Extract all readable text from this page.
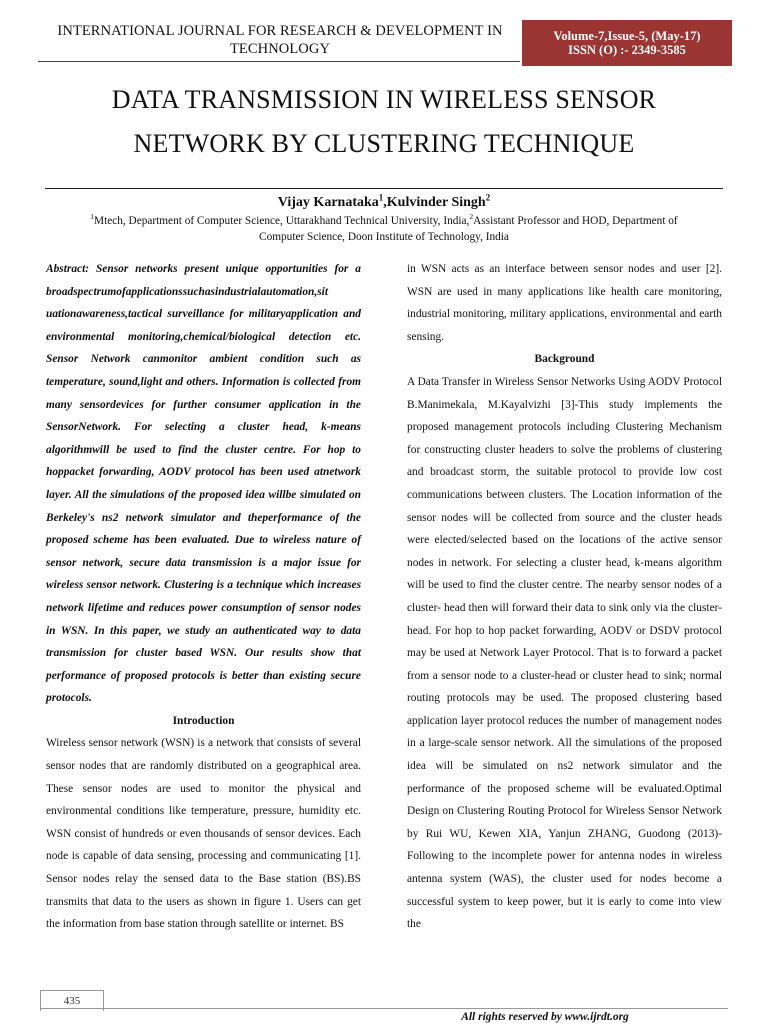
INTERNATIONAL JOURNAL FOR RESEARCH & DEVELOPMENT IN
TECHNOLOGY
Volume-7,Issue-5, (May-17)
ISSN (O) :- 2349-3585
DATA TRANSMISSION IN WIRELESS SENSOR
NETWORK BY CLUSTERING TECHNIQUE
Vijay Karnataka$^1$,Kulvinder Singh$^2$
$^1$Mtech, Department of Computer Science, Uttarakhand Technical University, India,$^2$Assistant Professor and HOD, Department of
Computer Science, Doon Institute of Technology, India

Abstract: Sensor networks present unique opportunities for a broadspectrumofapplicationssuchasindustrialautomation,sit uationawareness,tactical surveillance for militaryapplication and environmental monitoring,chemical/biological detection etc. Sensor Network canmonitor ambient condition such as temperature, sound,light and others. Information is collected from many sensordevices for further consumer application in the SensorNetwork. For selecting a cluster head, k-means algorithmwill be used to find the cluster centre. For hop to hoppacket forwarding, AODV protocol has been used atnetwork layer. All the simulations of the proposed idea willbe simulated on Berkeley's ns2 network simulator and theperformance of the proposed scheme has been evaluated. Due to wireless nature of sensor network, secure data transmission is a major issue for wireless sensor network. Clustering is a technique which increases network lifetime and reduces power consumption of sensor nodes in WSN. In this paper, we study an authenticated way to data transmission for cluster based WSN. Our results show that performance of proposed protocols is better than existing secure protocols.

Introduction

Wireless sensor network (WSN) is a network that consists of several sensor nodes that are randomly distributed on a geographical area. These sensor nodes are used to monitor the physical and environmental conditions like temperature, pressure, humidity etc. WSN consist of hundreds or even thousands of sensor devices. Each node is capable of data sensing, processing and communicating [1]. Sensor nodes relay the sensed data to the Base station (BS).BS transmits that data to the users as shown in figure 1. Users can get the information from base station through satellite or internet. BS

in WSN acts as an interface between sensor nodes and user [2]. WSN are used in many applications like health care monitoring, industrial monitoring, military applications, environmental and earth sensing.

Background

A Data Transfer in Wireless Sensor Networks Using AODV Protocol B.Manimekala, M.Kayalvizhi [3]-This study implements the proposed management protocols including Clustering Mechanism for constructing cluster headers to solve the problems of clustering and broadcast storm, the suitable protocol to provide low cost communications between clusters. The Location information of the sensor nodes will be collected from source and the cluster heads were elected/selected based on the locations of the active sensor nodes in network. For selecting a cluster head, k-means algorithm will be used to find the cluster centre. The nearby sensor nodes of a cluster- head then will forward their data to sink only via the cluster-head. For hop to hop packet forwarding, AODV or DSDV protocol may be used at Network Layer Protocol. That is to forward a packet from a sensor node to a cluster-head or cluster head to sink; normal routing protocols may be used. The proposed clustering based application layer protocol reduces the number of management nodes in a large-scale sensor network. All the simulations of the proposed idea will be simulated on ns2 network simulator and the performance of the proposed scheme will be evaluated.Optimal Design on Clustering Routing Protocol for Wireless Sensor Network by Rui WU, Kewen XIA, Yanjun ZHANG, Guodong (2013)-Following to the incomplete power for antenna nodes in wireless antenna system (WAS), the cluster used for nodes become a successful system to keep power, but it is early to come into view the

435
All rights reserved by www.ijrdt.org
